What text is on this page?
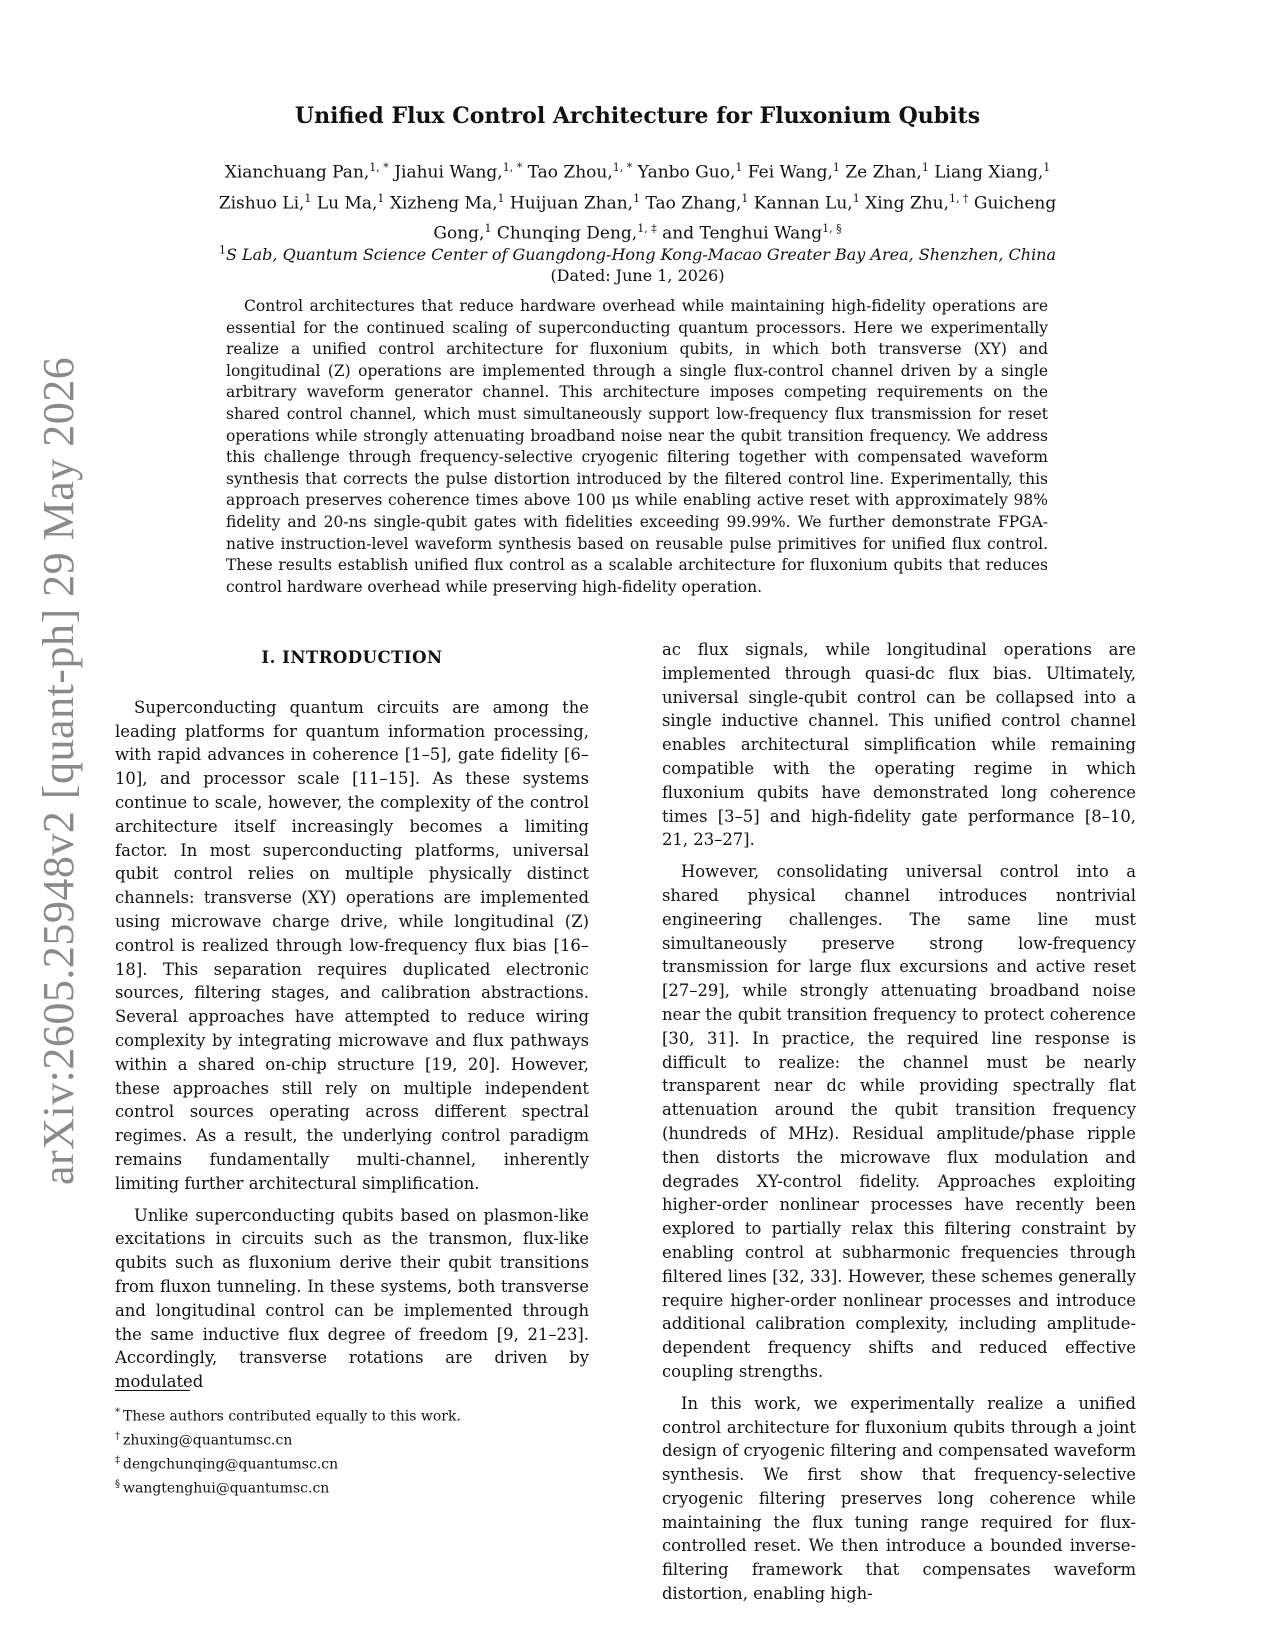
arXiv:2605.25948v2 [quant-ph] 29 May 2026
Unified Flux Control Architecture for Fluxonium Qubits
Xianchuang Pan,$^{1, *}$ Jiahui Wang,$^{1, *}$ Tao Zhou,$^{1, *}$ Yanbo Guo,$^1$ Fei Wang,$^1$ Ze Zhan,$^1$ Liang Xiang,$^1$ Zishuo Li,$^1$ Lu Ma,$^1$ Xizheng Ma,$^1$ Huijuan Zhan,$^1$ Tao Zhang,$^1$ Kannan Lu,$^1$ Xing Zhu,$^{1, \dagger}$ Guicheng Gong,$^1$ Chunqing Deng,$^{1, \ddagger}$ and Tenghui Wang$^{1, \S}$
$^1$S Lab, Quantum Science Center of Guangdong-Hong Kong-Macao Greater Bay Area, Shenzhen, China
(Dated: June 1, 2026)

Control architectures that reduce hardware overhead while maintaining high-fidelity operations are essential for the continued scaling of superconducting quantum processors. Here we experimentally realize a unified control architecture for fluxonium qubits, in which both transverse (XY) and longitudinal (Z) operations are implemented through a single flux-control channel driven by a single arbitrary waveform generator channel. This architecture imposes competing requirements on the shared control channel, which must simultaneously support low-frequency flux transmission for reset operations while strongly attenuating broadband noise near the qubit transition frequency. We address this challenge through frequency-selective cryogenic filtering together with compensated waveform synthesis that corrects the pulse distortion introduced by the filtered control line. Experimentally, this approach preserves coherence times above 100 μs while enabling active reset with approximately 98% fidelity and 20-ns single-qubit gates with fidelities exceeding 99.99%. We further demonstrate FPGA-native instruction-level waveform synthesis based on reusable pulse primitives for unified flux control. These results establish unified flux control as a scalable architecture for fluxonium qubits that reduces control hardware overhead while preserving high-fidelity operation.

I. INTRODUCTION

Superconducting quantum circuits are among the leading platforms for quantum information processing, with rapid advances in coherence [1–5], gate fidelity [6–10], and processor scale [11–15]. As these systems continue to scale, however, the complexity of the control architecture itself increasingly becomes a limiting factor. In most superconducting platforms, universal qubit control relies on multiple physically distinct channels: transverse (XY) operations are implemented using microwave charge drive, while longitudinal (Z) control is realized through low-frequency flux bias [16–18]. This separation requires duplicated electronic sources, filtering stages, and calibration abstractions. Several approaches have attempted to reduce wiring complexity by integrating microwave and flux pathways within a shared on-chip structure [19, 20]. However, these approaches still rely on multiple independent control sources operating across different spectral regimes. As a result, the underlying control paradigm remains fundamentally multi-channel, inherently limiting further architectural simplification.

Unlike superconducting qubits based on plasmon-like excitations in circuits such as the transmon, flux-like qubits such as fluxonium derive their qubit transitions from fluxon tunneling. In these systems, both transverse and longitudinal control can be implemented through the same inductive flux degree of freedom [9, 21–23]. Accordingly, transverse rotations are driven by modulated

ac flux signals, while longitudinal operations are implemented through quasi-dc flux bias. Ultimately, universal single-qubit control can be collapsed into a single inductive channel. This unified control channel enables architectural simplification while remaining compatible with the operating regime in which fluxonium qubits have demonstrated long coherence times [3–5] and high-fidelity gate performance [8–10, 21, 23–27].

However, consolidating universal control into a shared physical channel introduces nontrivial engineering challenges. The same line must simultaneously preserve strong low-frequency transmission for large flux excursions and active reset [27–29], while strongly attenuating broadband noise near the qubit transition frequency to protect coherence [30, 31]. In practice, the required line response is difficult to realize: the channel must be nearly transparent near dc while providing spectrally flat attenuation around the qubit transition frequency (hundreds of MHz). Residual amplitude/phase ripple then distorts the microwave flux modulation and degrades XY-control fidelity. Approaches exploiting higher-order nonlinear processes have recently been explored to partially relax this filtering constraint by enabling control at subharmonic frequencies through filtered lines [32, 33]. However, these schemes generally require higher-order nonlinear processes and introduce additional calibration complexity, including amplitude-dependent frequency shifts and reduced effective coupling strengths.

In this work, we experimentally realize a unified control architecture for fluxonium qubits through a joint design of cryogenic filtering and compensated waveform synthesis. We first show that frequency-selective cryogenic filtering preserves long coherence while maintaining the flux tuning range required for flux-controlled reset. We then introduce a bounded inverse-filtering framework that compensates waveform distortion, enabling high-

* These authors contributed equally to this work.
† zhuxing@quantumsc.cn
‡ dengchunqing@quantumsc.cn
§ wangtenghui@quantumsc.cn
